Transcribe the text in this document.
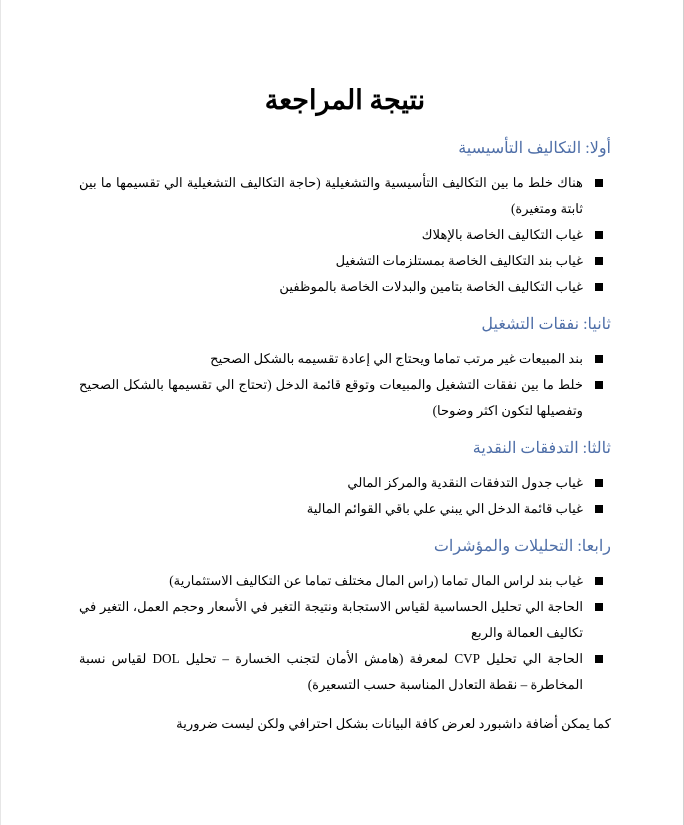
نتيجة المراجعة
أولا: التكاليف التأسيسية
هناك خلط ما بين التكاليف التأسيسية والتشغيلية (حاجة التكاليف التشغيلية الي تقسيمها ما بين ثابتة ومتغيرة)
غياب التكاليف الخاصة بالإهلاك
غياب بند التكاليف الخاصة بمستلزمات التشغيل
غياب التكاليف الخاصة بتامين والبدلات الخاصة بالموظفين
ثانيا: نفقات التشغيل
بند المبيعات غير مرتب تماما ويحتاج الي إعادة تقسيمه بالشكل الصحيح
خلط ما بين نفقات التشغيل والمبيعات وتوقع قائمة الدخل (تحتاج الي تقسيمها بالشكل الصحيح وتفصيلها لتكون اكثر وضوحا)
ثالثا: التدفقات النقدية
غياب جدول التدفقات النقدية والمركز المالي
غياب قائمة الدخل الي يبني علي باقي القوائم المالية
رابعا: التحليلات والمؤشرات
غياب بند لراس المال تماما (راس المال مختلف تماما عن التكاليف الاستثمارية)
الحاجة الي تحليل الحساسية لقياس الاستجابة ونتيجة التغير في الأسعار وحجم العمل، التغير في تكاليف العمالة والربع
الحاجة الي تحليل CVP لمعرفة (هامش الأمان لتجنب الخسارة – تحليل DOL لقياس نسبة المخاطرة – نقطة التعادل المناسبة حسب التسعيرة)
كما يمكن أضافة داشبورد لعرض كافة البيانات بشكل احترافي ولكن ليست ضرورية
